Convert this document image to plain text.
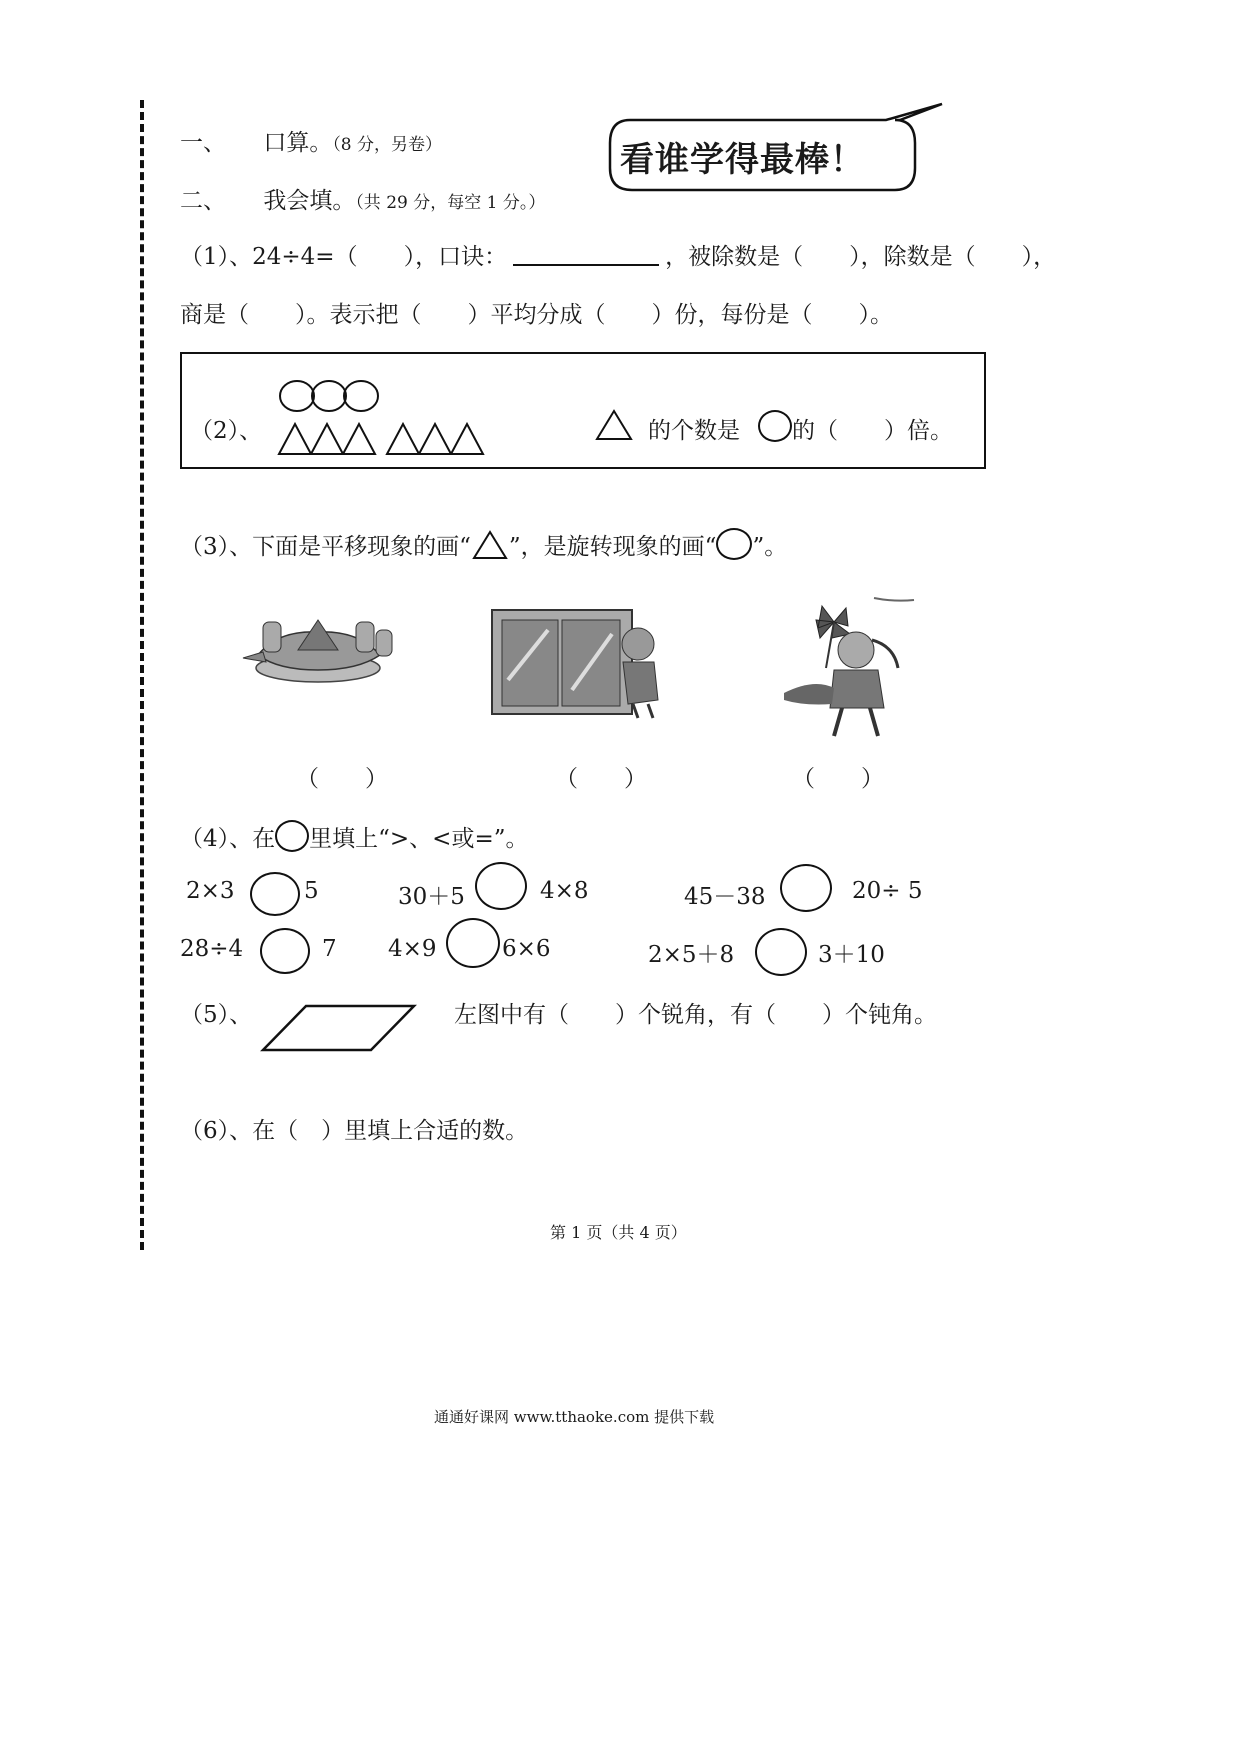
看谁学得最棒！
一、 口算。（8 分，另卷）
二、 我会填。（共 29 分，每空 1 分。）
（1）、24÷4=（　　），口诀：	，被除数是（　　），除数是（　　），
商是（　　）。表示把（　　）平均分成（　　）份，每份是（　　）。
（2）、	的个数是 的（　　）倍。
（3）、下面是平移现象的画“ ”，是旋转现象的画“ ”。
（　　）	（　　）	（　　）
（4）、在 里填上“>、<或=”。
2×3	5	30＋5	4×8	45－38	20÷ 5
28÷4	7 4×9	6×6	2×5＋8	3＋10
（5）、	左图中有（　　）个锐角，有（　　）个钝角。
（6）、在（　）里填上合适的数。
第 1 页（共 4 页）
通通好课网 www.tthaoke.com 提供下载
